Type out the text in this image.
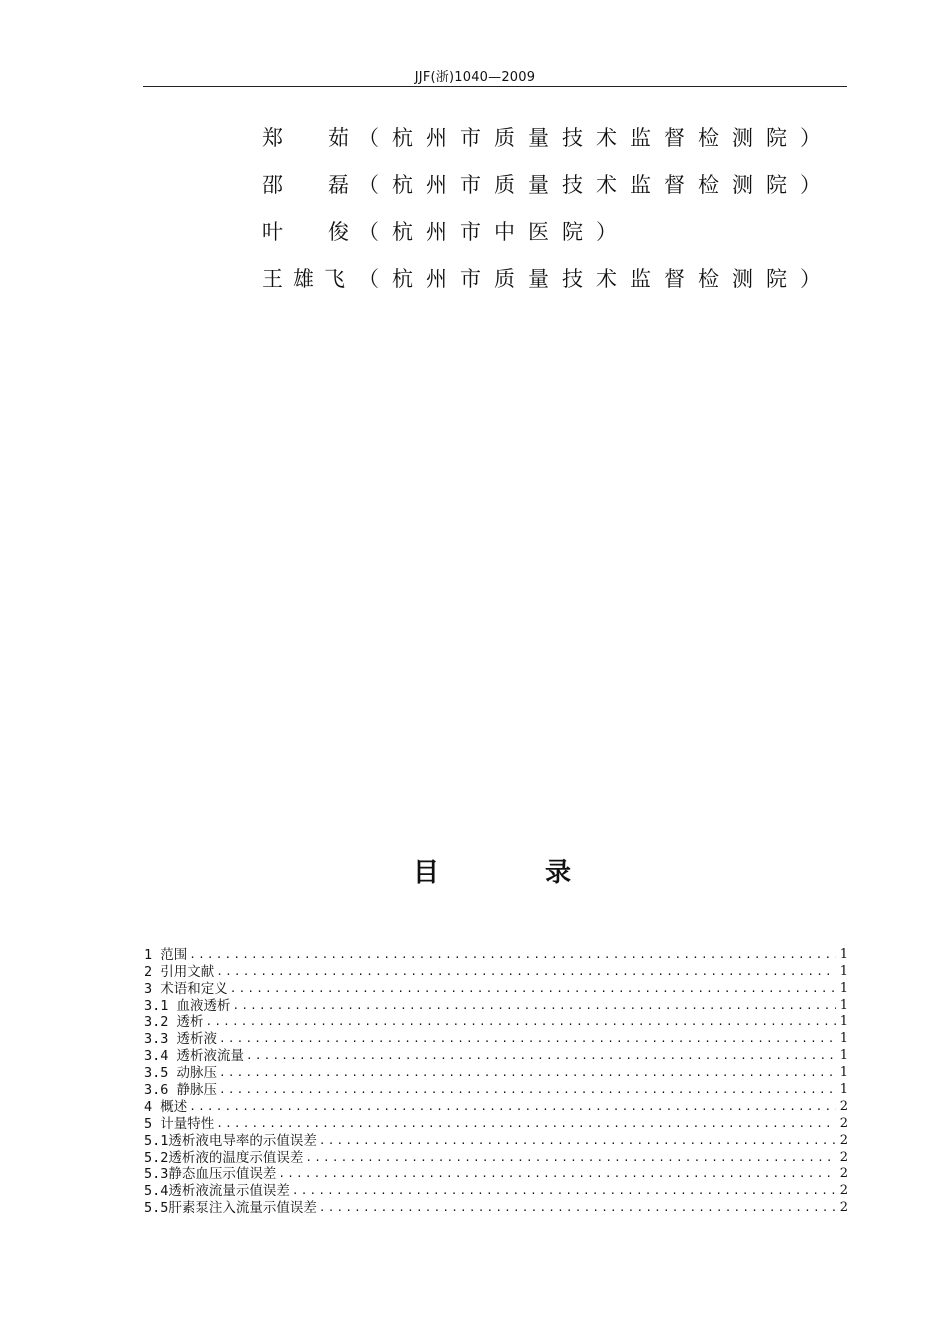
JJF(浙)1040—2009
郑 茹 （杭州市质量技术监督检测院）
邵 磊 （杭州市质量技术监督检测院）
叶 俊 （杭州市中医院）
王雄飞 （杭州市质量技术监督检测院）
目	录
1 范围 .....	1
2 引用文献 .....	1
3 术语和定义 .....	1
3.1 血液透析 .....	1
3.2 透析 .....	1
3.3 透析液 .....	1
3.4 透析液流量 .....	1
3.5 动脉压 .....	1
3.6 静脉压 .....	1
4 概述 .....	2
5 计量特性 .....	2
5.1透析液电导率的示值误差 .....	2
5.2透析液的温度示值误差 .....	2
5.3静态血压示值误差 .....	2
5.4透析液流量示值误差 .....	2
5.5肝素泵注入流量示值误差 .....	2
